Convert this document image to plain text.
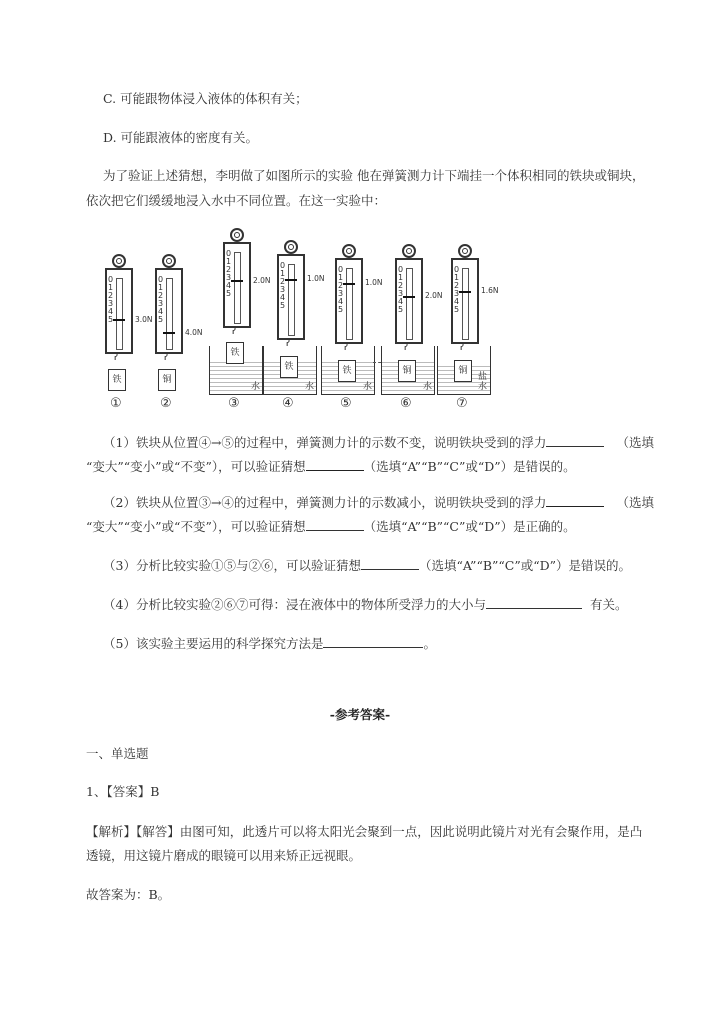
C. 可能跟物体浸入液体的体积有关；
D. 可能跟液体的密度有关。
为了验证上述猜想，李明做了如图所示的实验 他在弹簧测力计下端挂一个体积相同的铁块或铜块，
依次把它们缓缓地浸入水中不同位置。在这一实验中：
0
1
2
3
4
5	3.0N
ʔ
铁
①
0
1
2
3
4
5
4.0N
ʔ
铜
②
0
1
2
3
4
5
2.0N
ʔ
水
铁
③
0
1
2
3
4
5
1.0N
ʔ
水
铁
④
0
1
2
3
4
5
1.0N
ʔ
水
铁
⑤
0
1
2
3
4
5
2.0N
ʔ
水
铜
⑥
0
1
2
3
4
5
1.6N
ʔ
盐水
铜
⑦
（1）铁块从位置④→⑤的过程中，弹簧测力计的示数不变，说明铁块受到的浮力	（选填
“变大”“变小”或“不变”），可以验证猜想	（选填“A”“B”“C”或“D”）是错误的。
（2）铁块从位置③→④的过程中，弹簧测力计的示数减小，说明铁块受到的浮力	（选填
“变大”“变小”或“不变”），可以验证猜想	（选填“A”“B”“C”或“D”）是正确的。
（3）分析比较实验①⑤与②⑥，可以验证猜想	（选填“A”“B”“C”或“D”）是错误的。
（4）分析比较实验②⑥⑦可得：浸在液体中的物体所受浮力的大小与	有关。
（5）该实验主要运用的科学探究方法是	。
-参考答案-
一、单选题
1、【答案】B
【解析】【解答】由图可知，此透片可以将太阳光会聚到一点，因此说明此镜片对光有会聚作用，是凸
透镜，用这镜片磨成的眼镜可以用来矫正远视眼。
故答案为：B。
